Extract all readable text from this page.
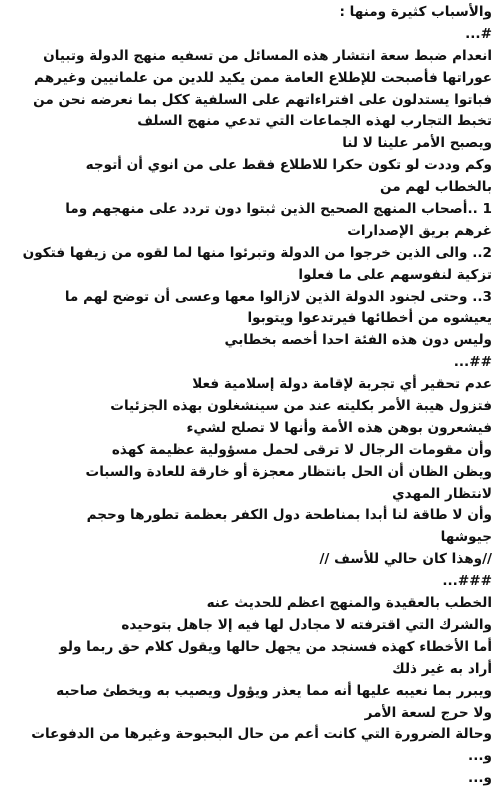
والأسباب كثيرة ومنها :
#...
انعدام ضبط سعة انتشار هذه المسائل من تسفيه منهج الدولة وتبيان
عوراتها فأصبحت للإطلاع العامة ممن يكيد للدين من علمانيين وغيرهم
فباتوا يستدلون على افتراءاتهم على السلفية ككل بما نعرضه نحن من
تخبط التجارب لهذه الجماعات التي تدعي منهج السلف
ويصبح الأمر علينا لا لنا
وكم وددت لو تكون حكرا للاطلاع فقط على من انوي أن أتوجه
بالخطاب لهم من
1 ..أصحاب المنهج الصحيح الذين ثبتوا دون تردد على منهجهم وما
غرهم بريق الإصدارات
2.. والى الذين خرجوا من الدولة وتبرئوا منها لما لقوه من زيفها فتكون
تزكية لنفوسهم على ما فعلوا
3.. وحتى لجنود الدولة الذين لازالوا معها وعسى أن توضح لهم ما
يعيشوه من أخطائها فيرتدعوا ويتوبوا
وليس دون هذه الفئة احدا أخصه بخطابي
##...
عدم تحقير أي تجربة لإقامة دولة إسلامية فعلا
فتزول هيبة الأمر بكليته عند من سينشغلون بهذه الجزئيات
فيشعرون بوهن هذه الأمة وأنها لا تصلح لشيء
وأن مقومات الرجال لا ترقى لحمل مسؤولية عظيمة كهذه
ويظن الظان أن الحل بانتظار معجزة أو خارقة للعادة والسبات
لانتظار المهدي
وأن لا طاقة لنا أبدا بمناطحة دول الكفر بعظمة تطورها وحجم
جيوشها
//وهذا كان حالي للأسف //
###...
الخطب بالعقيدة والمنهج اعظم للحديث عنه
والشرك التي اقترفته لا مجادل لها فيه إلا جاهل بتوحيده
أما الأخطاء كهذه فسنجد من يجهل حالها ويقول كلام حق ربما ولو
أراد به غير ذلك
ويبرر بما نعيبه عليها أنه مما يعذر ويؤول ويصيب به ويخطئ صاحبه
ولا حرج لسعة الأمر
وحالة الضرورة التي كانت أعم من حال البحبوحة وغيرها من الدفوعات
و...
و...
